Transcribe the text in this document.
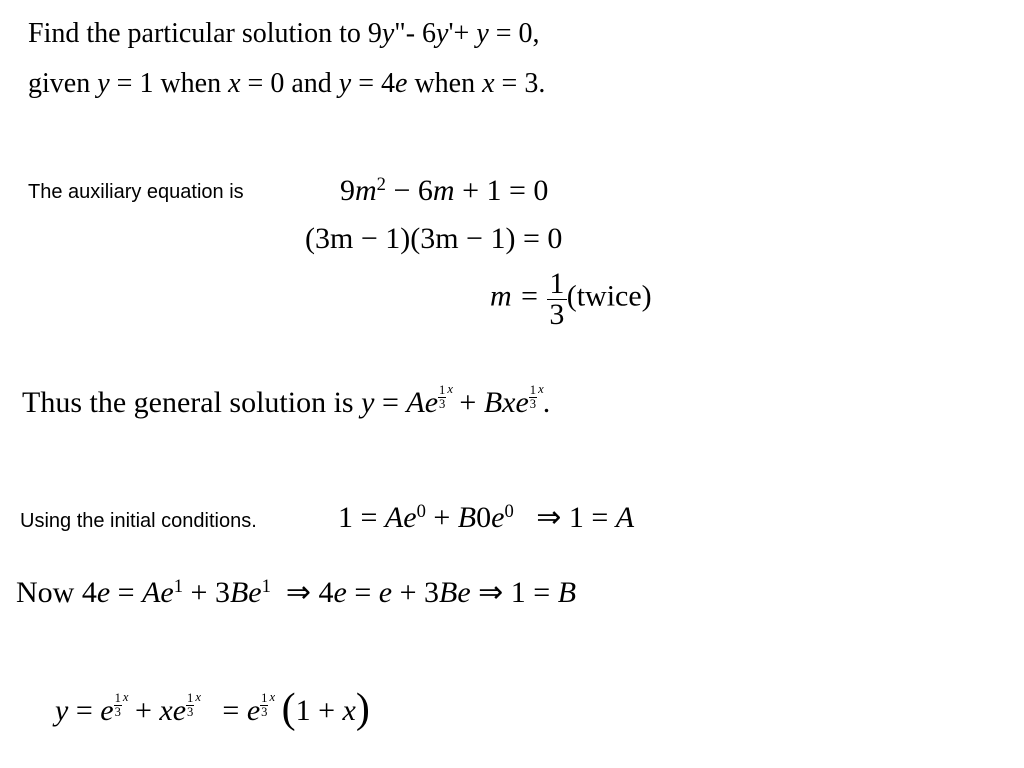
Find the particular solution to 9y"- 6y'+ y = 0,
given y = 1 when x = 0 and y = 4e when x = 3.
The auxiliary equation is	$9m^2 - 6m + 1 = 0$
(3m − 1)(3m − 1) = 0
$m = \frac{1}{3}$ (twice)
Thus the general solution is y = Ae $\frac{1}{3}$ x + Bxe $\frac{1}{3} x$.
Using the initial conditions.	$1 = Ae^0 + B0e^0$   ⇒ 1 = A
Now $4e = Ae^1 + 3Be^1$  ⇒ 4e = e + 3Be ⇒ 1 = B
y = e $\frac{1}{3}$ x + xe $\frac{1}{3}$ x   = e $\frac{1}{3}$ x (1 + x)
